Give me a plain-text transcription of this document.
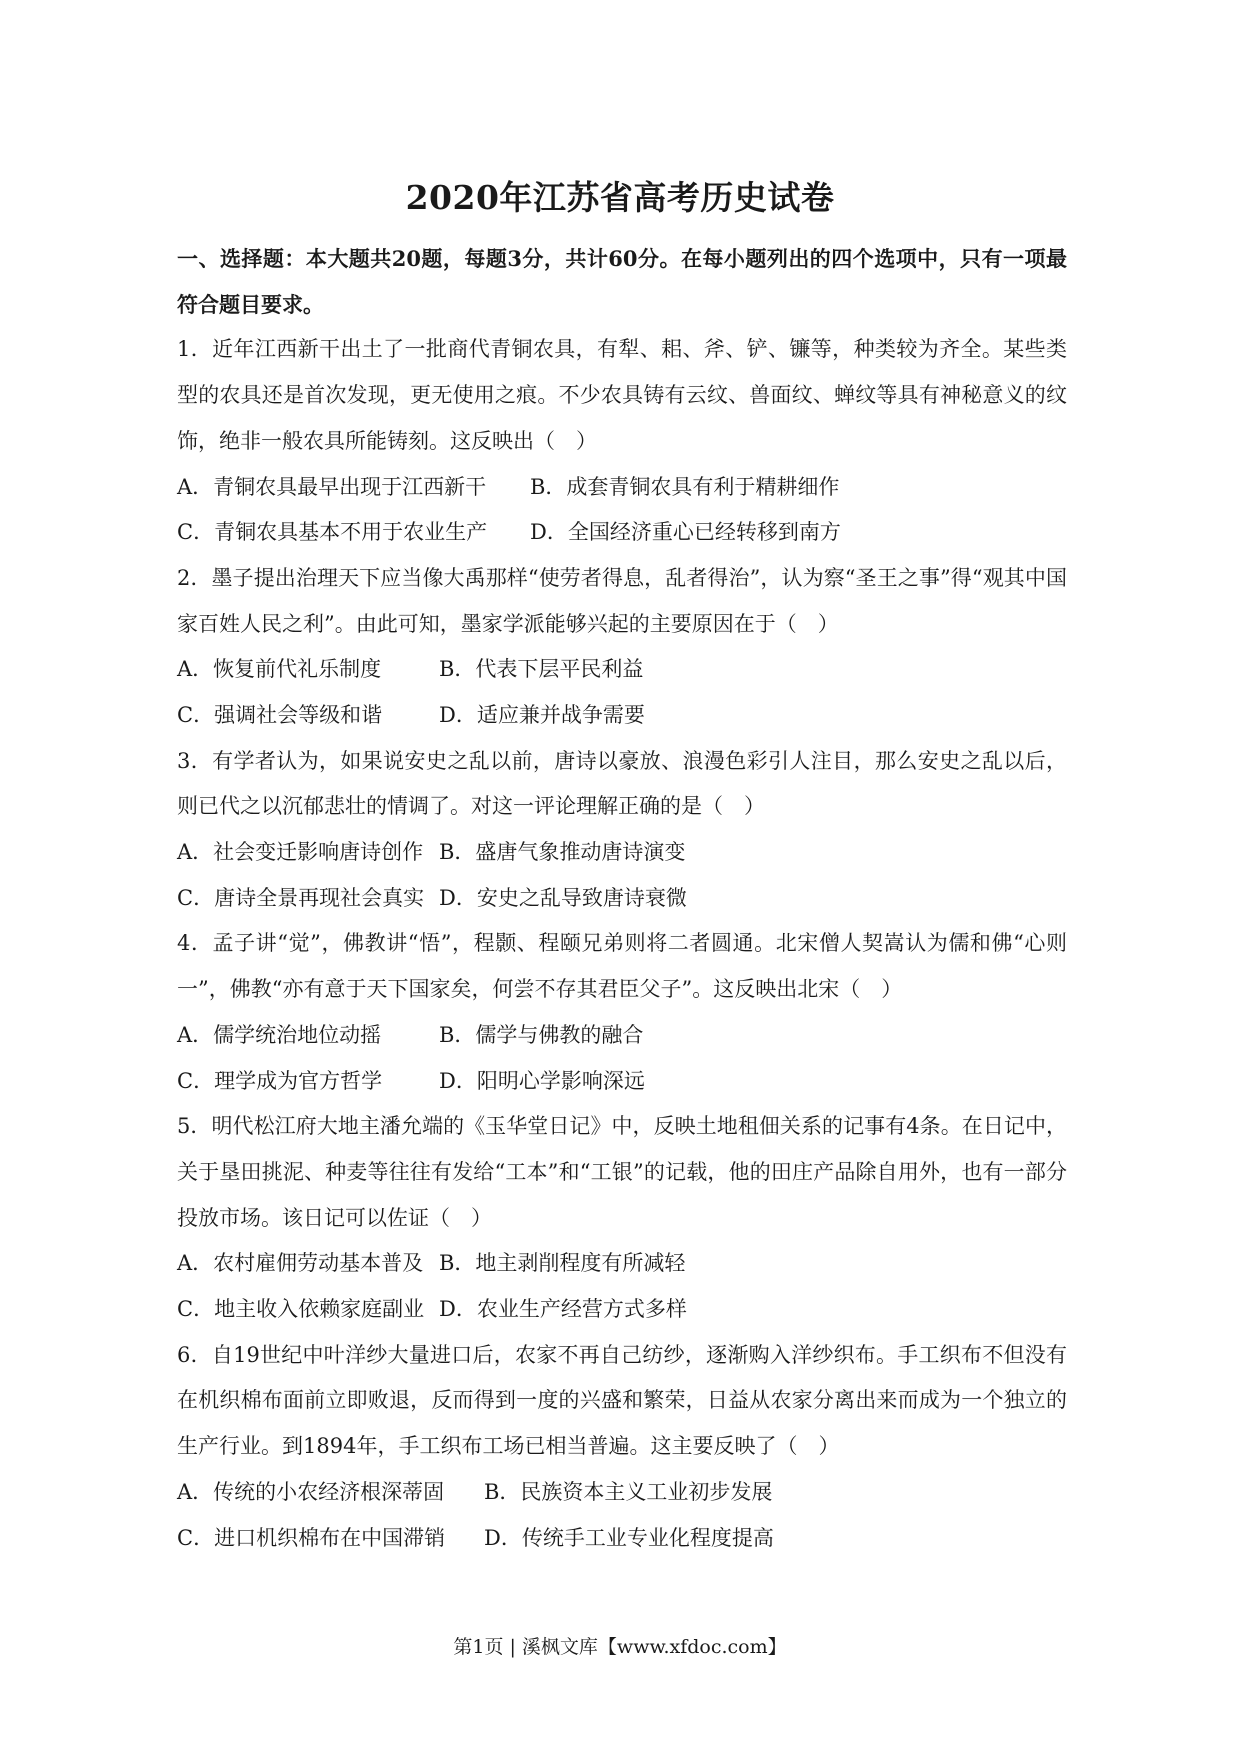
2020年江苏省高考历史试卷

一、选择题：本大题共20题，每题3分，共计60分。在每小题列出的四个选项中，只有一项最符合题目要求。

1．近年江西新干出土了一批商代青铜农具，有犁、耜、斧、铲、镰等，种类较为齐全。某些类型的农具还是首次发现，更无使用之痕。不少农具铸有云纹、兽面纹、蝉纹等具有神秘意义的纹饰，绝非一般农具所能铸刻。这反映出（　）

A．青铜农具最早出现于江西新干 B．成套青铜农具有利于精耕细作
C．青铜农具基本不用于农业生产 D．全国经济重心已经转移到南方

2．墨子提出治理天下应当像大禹那样“使劳者得息，乱者得治”，认为察“圣王之事”得“观其中国家百姓人民之利”。由此可知，墨家学派能够兴起的主要原因在于（　）

A．恢复前代礼乐制度	B．代表下层平民利益
C．强调社会等级和谐	D．适应兼并战争需要

3．有学者认为，如果说安史之乱以前，唐诗以豪放、浪漫色彩引人注目，那么安史之乱以后，则已代之以沉郁悲壮的情调了。对这一评论理解正确的是（　）

A．社会变迁影响唐诗创作 B．盛唐气象推动唐诗演变
C．唐诗全景再现社会真实 D．安史之乱导致唐诗衰微

4．孟子讲“觉”，佛教讲“悟”，程颢、程颐兄弟则将二者圆通。北宋僧人契嵩认为儒和佛“心则一”，佛教“亦有意于天下国家矣，何尝不存其君臣父子”。这反映出北宋（　）

A．儒学统治地位动摇	B．儒学与佛教的融合
C．理学成为官方哲学	D．阳明心学影响深远

5．明代松江府大地主潘允端的《玉华堂日记》中，反映土地租佃关系的记事有4条。在日记中，关于垦田挑泥、种麦等往往有发给“工本”和“工银”的记载，他的田庄产品除自用外，也有一部分投放市场。该日记可以佐证（　）

A．农村雇佣劳动基本普及 B．地主剥削程度有所减轻
C．地主收入依赖家庭副业 D．农业生产经营方式多样

6．自19世纪中叶洋纱大量进口后，农家不再自己纺纱，逐渐购入洋纱织布。手工织布不但没有在机织棉布面前立即败退，反而得到一度的兴盛和繁荣，日益从农家分离出来而成为一个独立的生产行业。到1894年，手工织布工场已相当普遍。这主要反映了（　）

A．传统的小农经济根深蒂固 B．民族资本主义工业初步发展
C．进口机织棉布在中国滞销 D．传统手工业专业化程度提高
第1页 | 溪枫文库【www.xfdoc.com】
